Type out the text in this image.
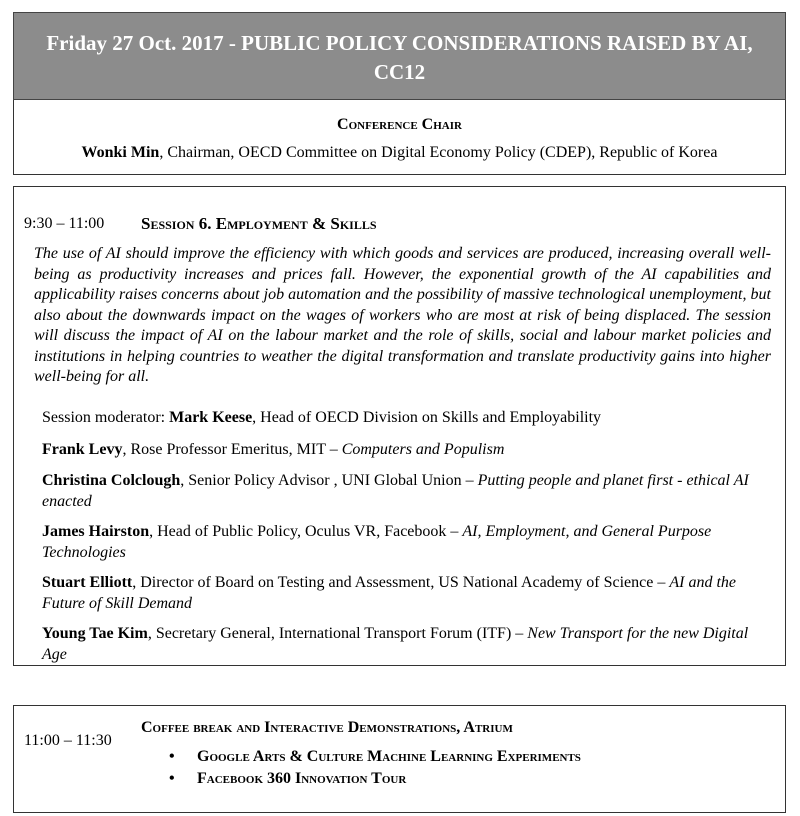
Friday 27 Oct. 2017 - PUBLIC POLICY CONSIDERATIONS RAISED BY AI, CC12
Conference Chair
Wonki Min, Chairman, OECD Committee on Digital Economy Policy (CDEP), Republic of Korea
9:30 – 11:00 Session 6. Employment & Skills

The use of AI should improve the efficiency with which goods and services are produced, increasing overall well-being as productivity increases and prices fall. However, the exponential growth of the AI capabilities and applicability raises concerns about job automation and the possibility of massive technological unemployment, but also about the downwards impact on the wages of workers who are most at risk of being displaced. The session will discuss the impact of AI on the labour market and the role of skills, social and labour market policies and institutions in helping countries to weather the digital transformation and translate productivity gains into higher well-being for all.

Session moderator: Mark Keese, Head of OECD Division on Skills and Employability
Frank Levy, Rose Professor Emeritus, MIT – Computers and Populism
Christina Colclough, Senior Policy Advisor , UNI Global Union – Putting people and planet first - ethical AI enacted
James Hairston, Head of Public Policy, Oculus VR, Facebook – AI, Employment, and General Purpose Technologies
Stuart Elliott, Director of Board on Testing and Assessment, US National Academy of Science – AI and the Future of Skill Demand
Young Tae Kim, Secretary General, International Transport Forum (ITF) – New Transport for the new Digital Age
11:00 – 11:30
Coffee break and Interactive Demonstrations, Atrium
• Google Arts & Culture Machine Learning Experiments
• Facebook 360 Innovation Tour
